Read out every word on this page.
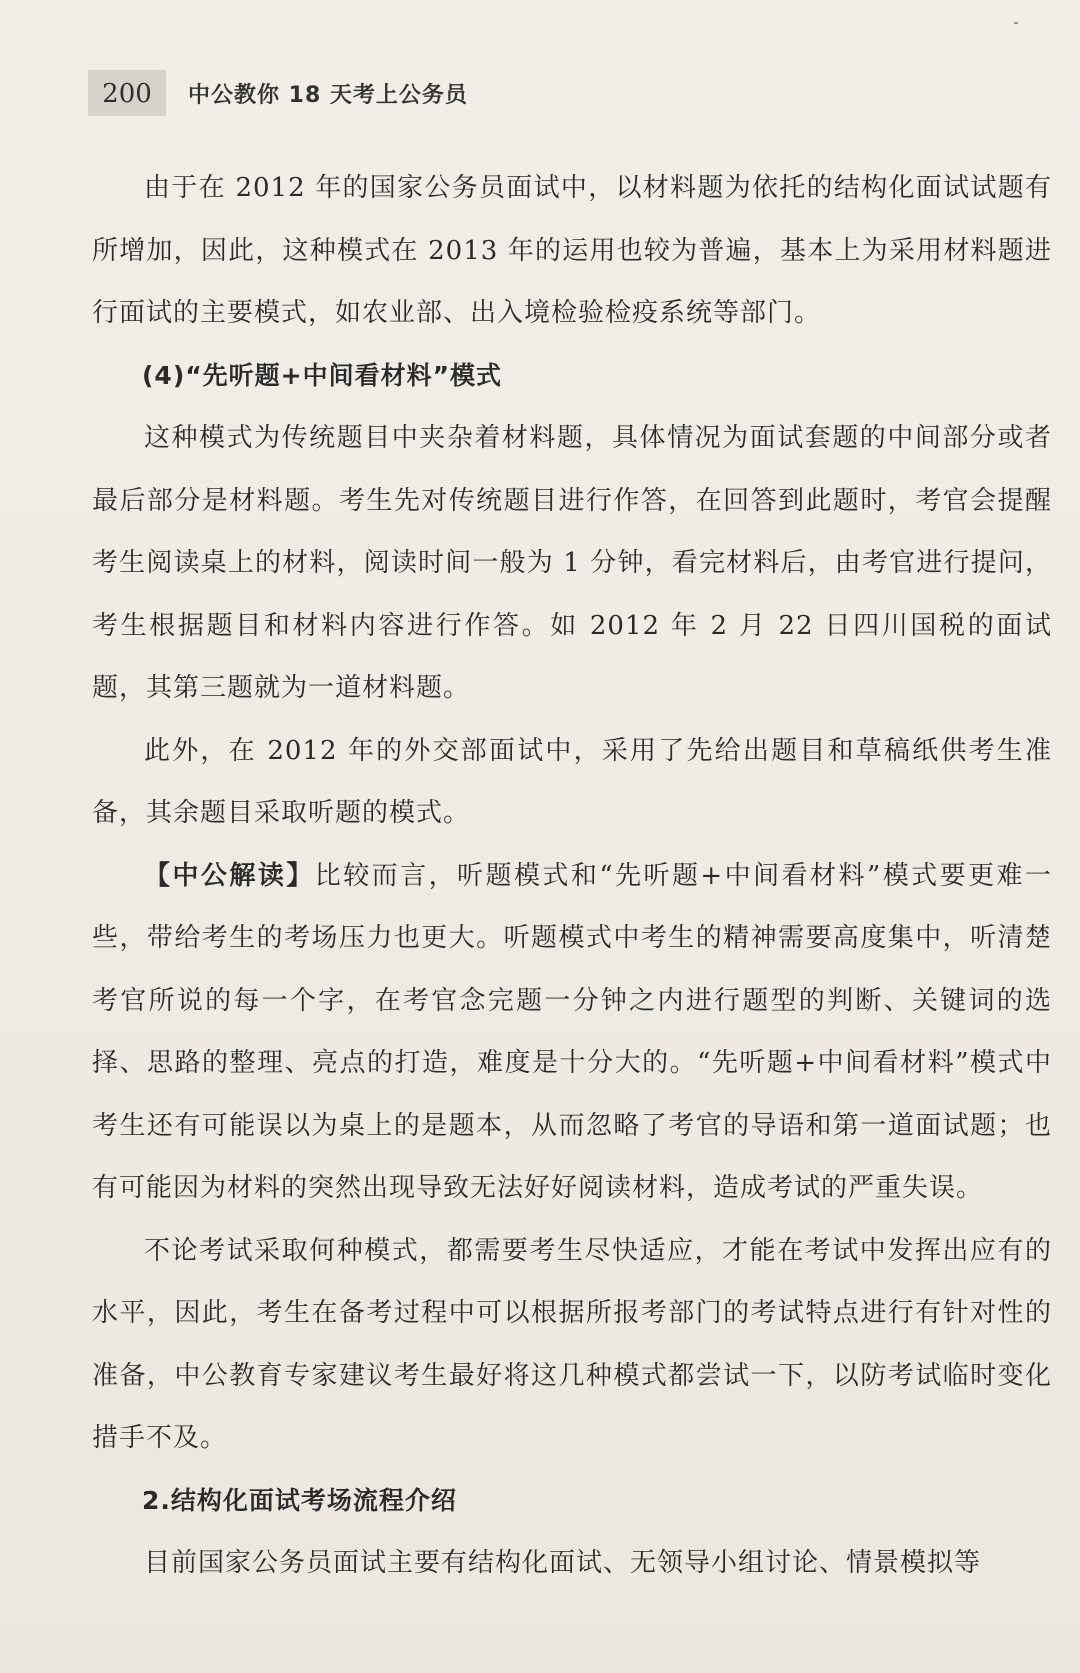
200	中公教你 18 天考上公务员

由于在 2012 年的国家公务员面试中，以材料题为依托的结构化面试试题有所增加，因此，这种模式在 2013 年的运用也较为普遍，基本上为采用材料题进行面试的主要模式，如农业部、出入境检验检疫系统等部门。

(4)“先听题+中间看材料”模式

这种模式为传统题目中夹杂着材料题，具体情况为面试套题的中间部分或者最后部分是材料题。考生先对传统题目进行作答，在回答到此题时，考官会提醒考生阅读桌上的材料，阅读时间一般为 1 分钟，看完材料后，由考官进行提问，考生根据题目和材料内容进行作答。如 2012 年 2 月 22 日四川国税的面试题，其第三题就为一道材料题。

此外，在 2012 年的外交部面试中，采用了先给出题目和草稿纸供考生准备，其余题目采取听题的模式。

【中公解读】比较而言，听题模式和“先听题+中间看材料”模式要更难一些，带给考生的考场压力也更大。听题模式中考生的精神需要高度集中，听清楚考官所说的每一个字，在考官念完题一分钟之内进行题型的判断、关键词的选择、思路的整理、亮点的打造，难度是十分大的。“先听题+中间看材料”模式中考生还有可能误以为桌上的是题本，从而忽略了考官的导语和第一道面试题；也有可能因为材料的突然出现导致无法好好阅读材料，造成考试的严重失误。

不论考试采取何种模式，都需要考生尽快适应，才能在考试中发挥出应有的水平，因此，考生在备考过程中可以根据所报考部门的考试特点进行有针对性的准备，中公教育专家建议考生最好将这几种模式都尝试一下，以防考试临时变化措手不及。

2.结构化面试考场流程介绍

目前国家公务员面试主要有结构化面试、无领导小组讨论、情景模拟等
